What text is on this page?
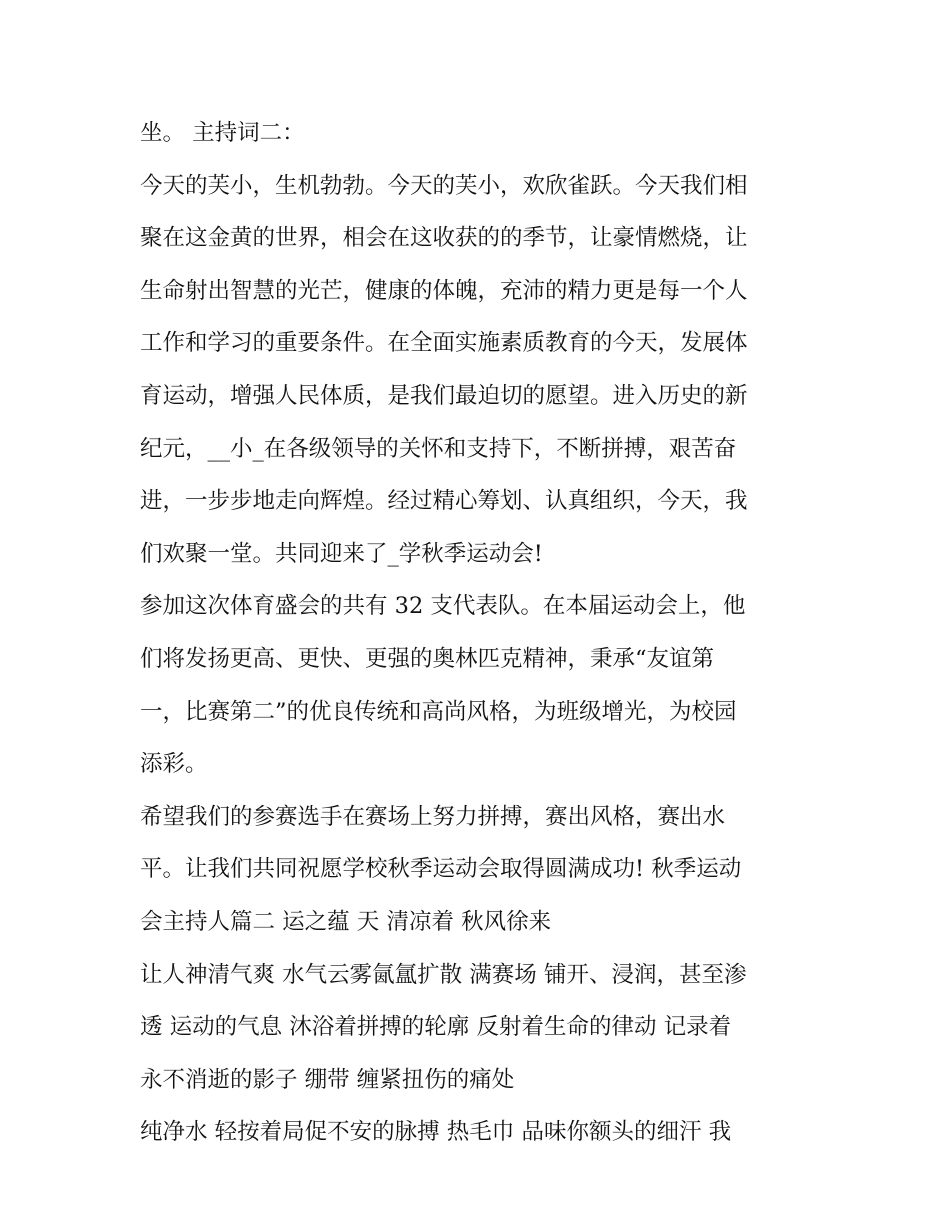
坐。 主持词二：
今天的芙小，生机勃勃。今天的芙小，欢欣雀跃。今天我们相
聚在这金黄的世界，相会在这收获的的季节，让豪情燃烧，让
生命射出智慧的光芒，健康的体魄，充沛的精力更是每一个人
工作和学习的重要条件。在全面实施素质教育的今天，发展体
育运动，增强人民体质，是我们最迫切的愿望。进入历史的新
纪元，__小_在各级领导的关怀和支持下，不断拼搏，艰苦奋
进，一步步地走向辉煌。经过精心筹划、认真组织，今天，我
们欢聚一堂。共同迎来了_学秋季运动会!
参加这次体育盛会的共有 32 支代表队。在本届运动会上，他
们将发扬更高、更快、更强的奥林匹克精神，秉承“友谊第
一，比赛第二”的优良传统和高尚风格，为班级增光，为校园
添彩。
希望我们的参赛选手在赛场上努力拼搏，赛出风格，赛出水
平。让我们共同祝愿学校秋季运动会取得圆满成功! 秋季运动
会主持人篇二 运之蕴 天 清凉着 秋风徐来
让人神清气爽 水气云雾氤氲扩散 满赛场 铺开、浸润，甚至渗
透 运动的气息 沐浴着拼搏的轮廓 反射着生命的律动 记录着
永不消逝的影子 绷带 缠紧扭伤的痛处
纯净水 轻按着局促不安的脉搏 热毛巾 品味你额头的细汗 我
